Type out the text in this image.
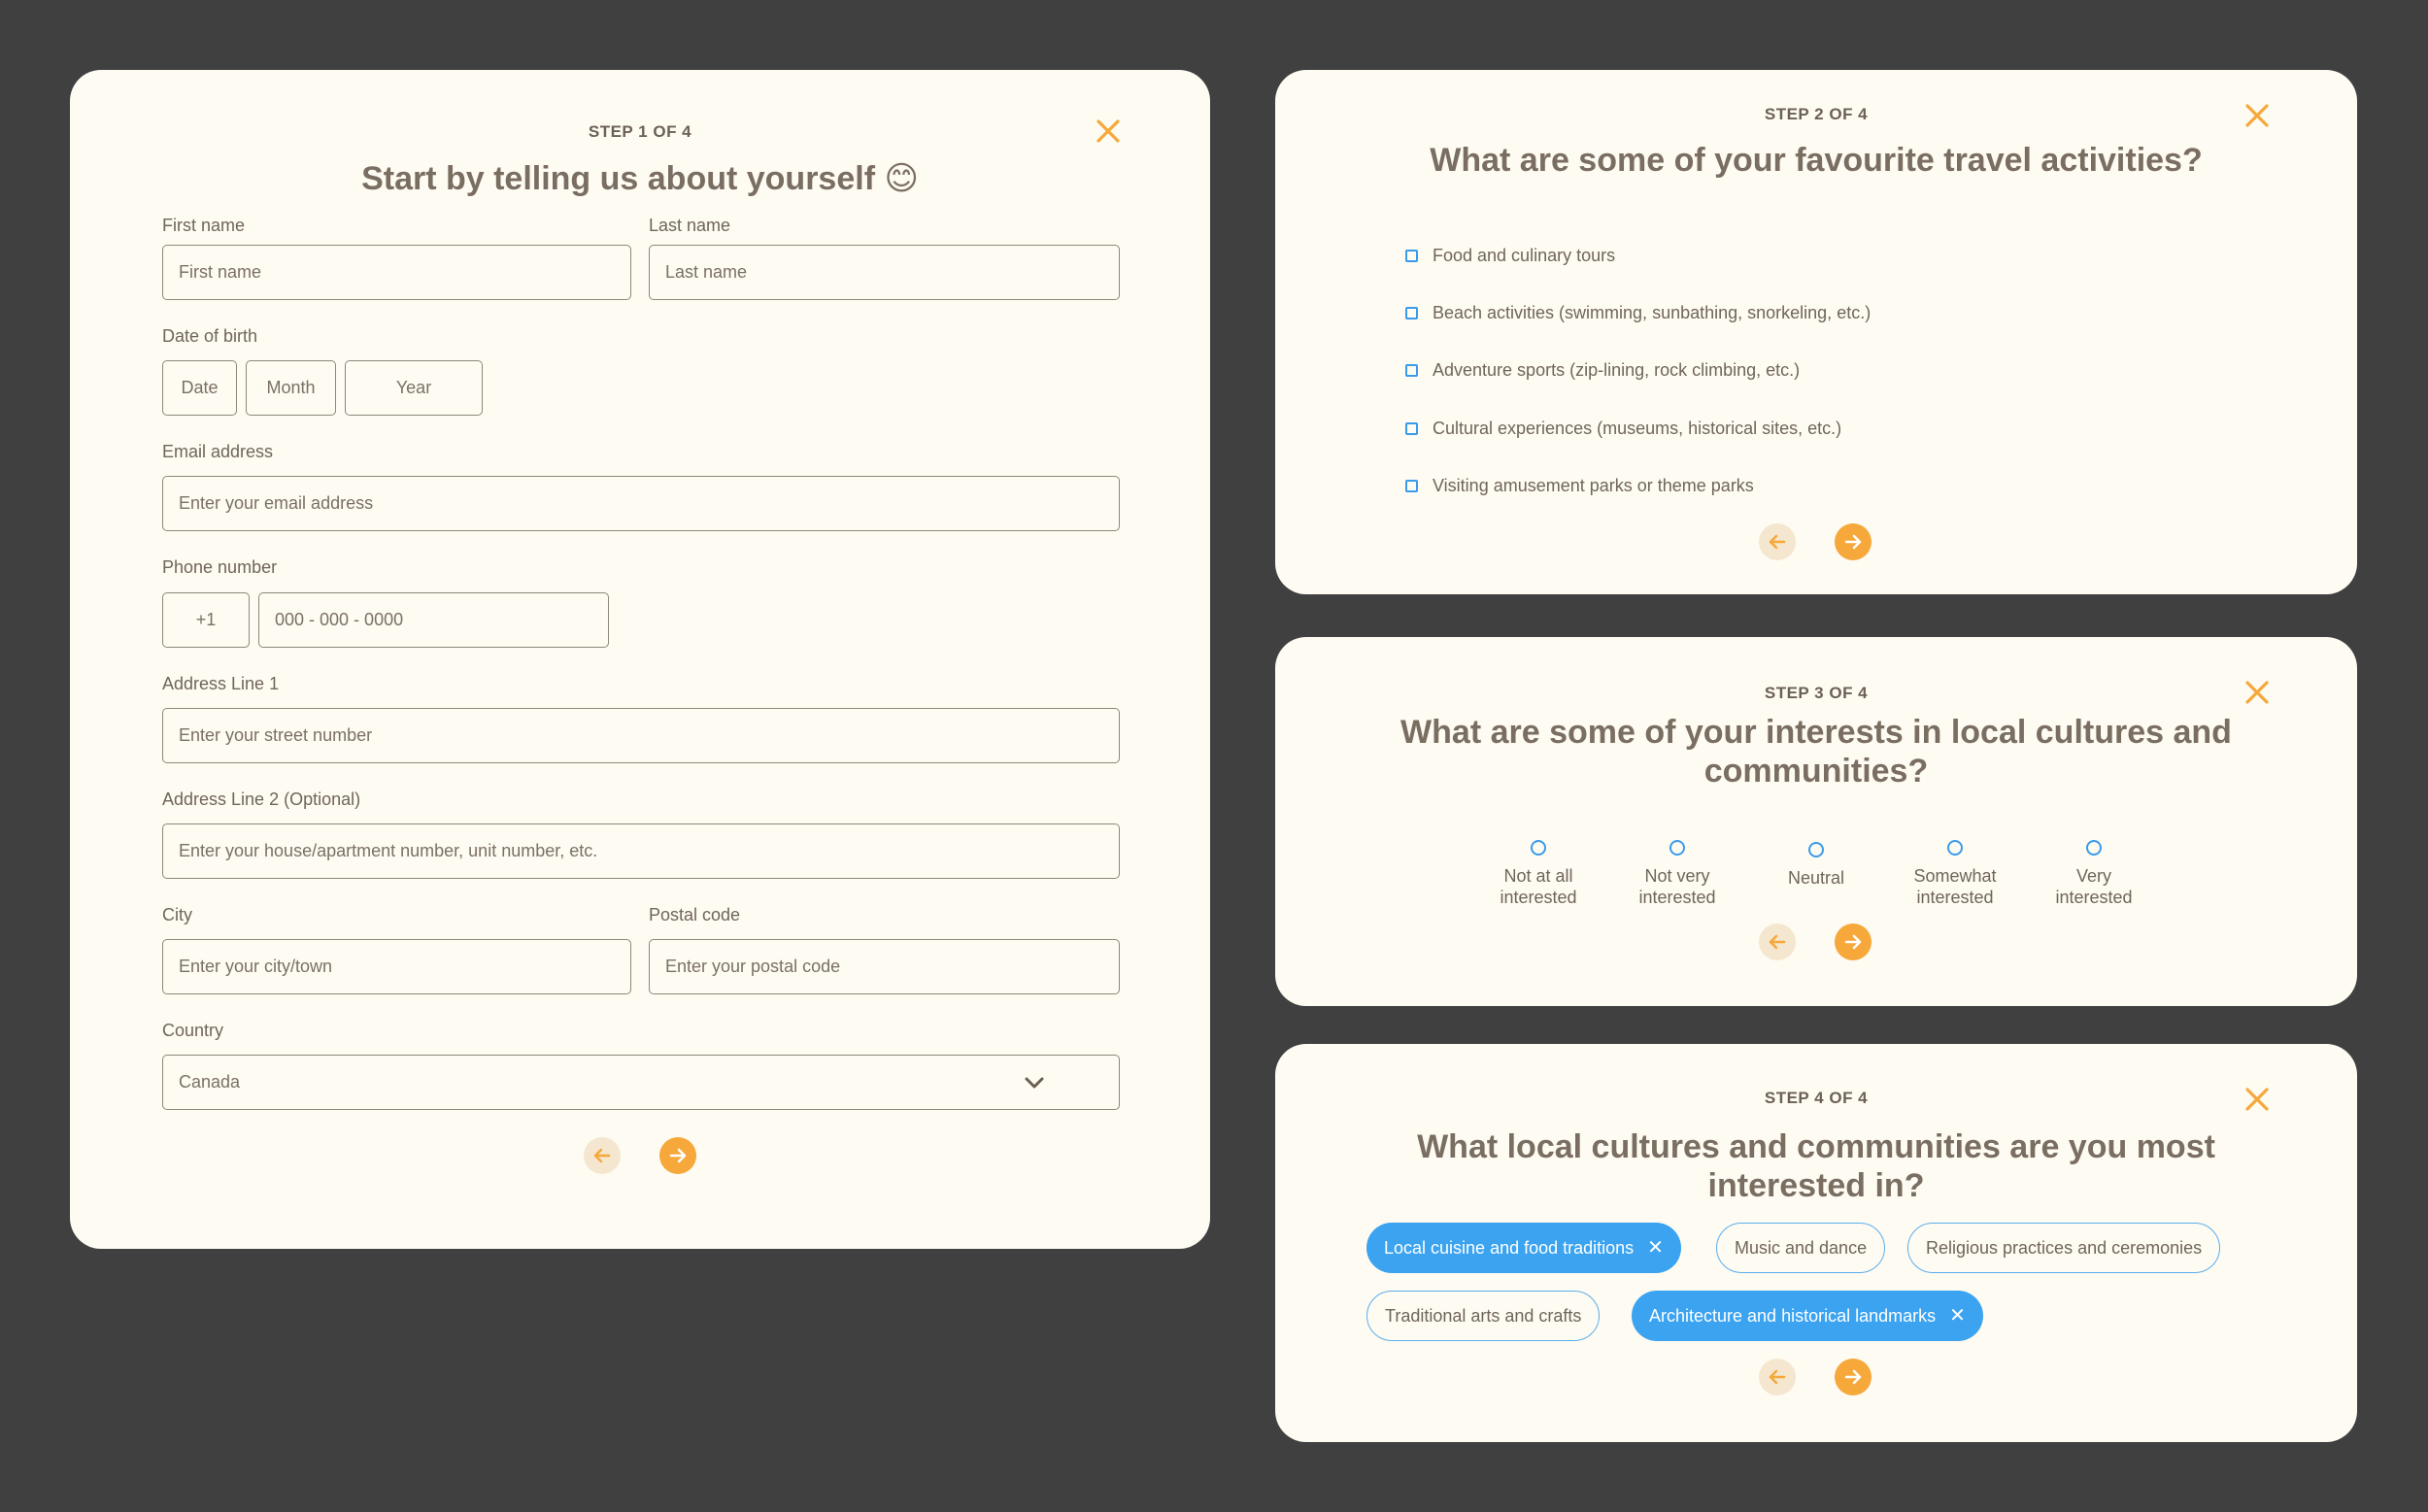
STEP 1 OF 4
Start by telling us about yourself 😊
First name
First name
Last name
Last name
Date of birth
Date	Month	Year
Email address
Enter your email address
Phone number
+1	000 - 000 - 0000
Address Line 1
Enter your street number
Address Line 2 (Optional)
Enter your house/apartment number, unit number, etc.
City
Enter your city/town
Postal code
Enter your postal code
Country
Canada
STEP 2 OF 4
What are some of your favourite travel activities?
Food and culinary tours
Beach activities (swimming, sunbathing, snorkeling, etc.)
Adventure sports (zip-lining, rock climbing, etc.)
Cultural experiences (museums, historical sites, etc.)
Visiting amusement parks or theme parks
STEP 3 OF 4
What are some of your interests in local cultures and
communities?
Not at all
interested
Not very
interested
Neutral	Somewhat
interested
Very
interested
STEP 4 OF 4
What local cultures and communities are you most
interested in?
Local cuisine and food traditions ✕	Music and dance	Religious practices and ceremonies
Traditional arts and crafts	Architecture and historical landmarks ✕
